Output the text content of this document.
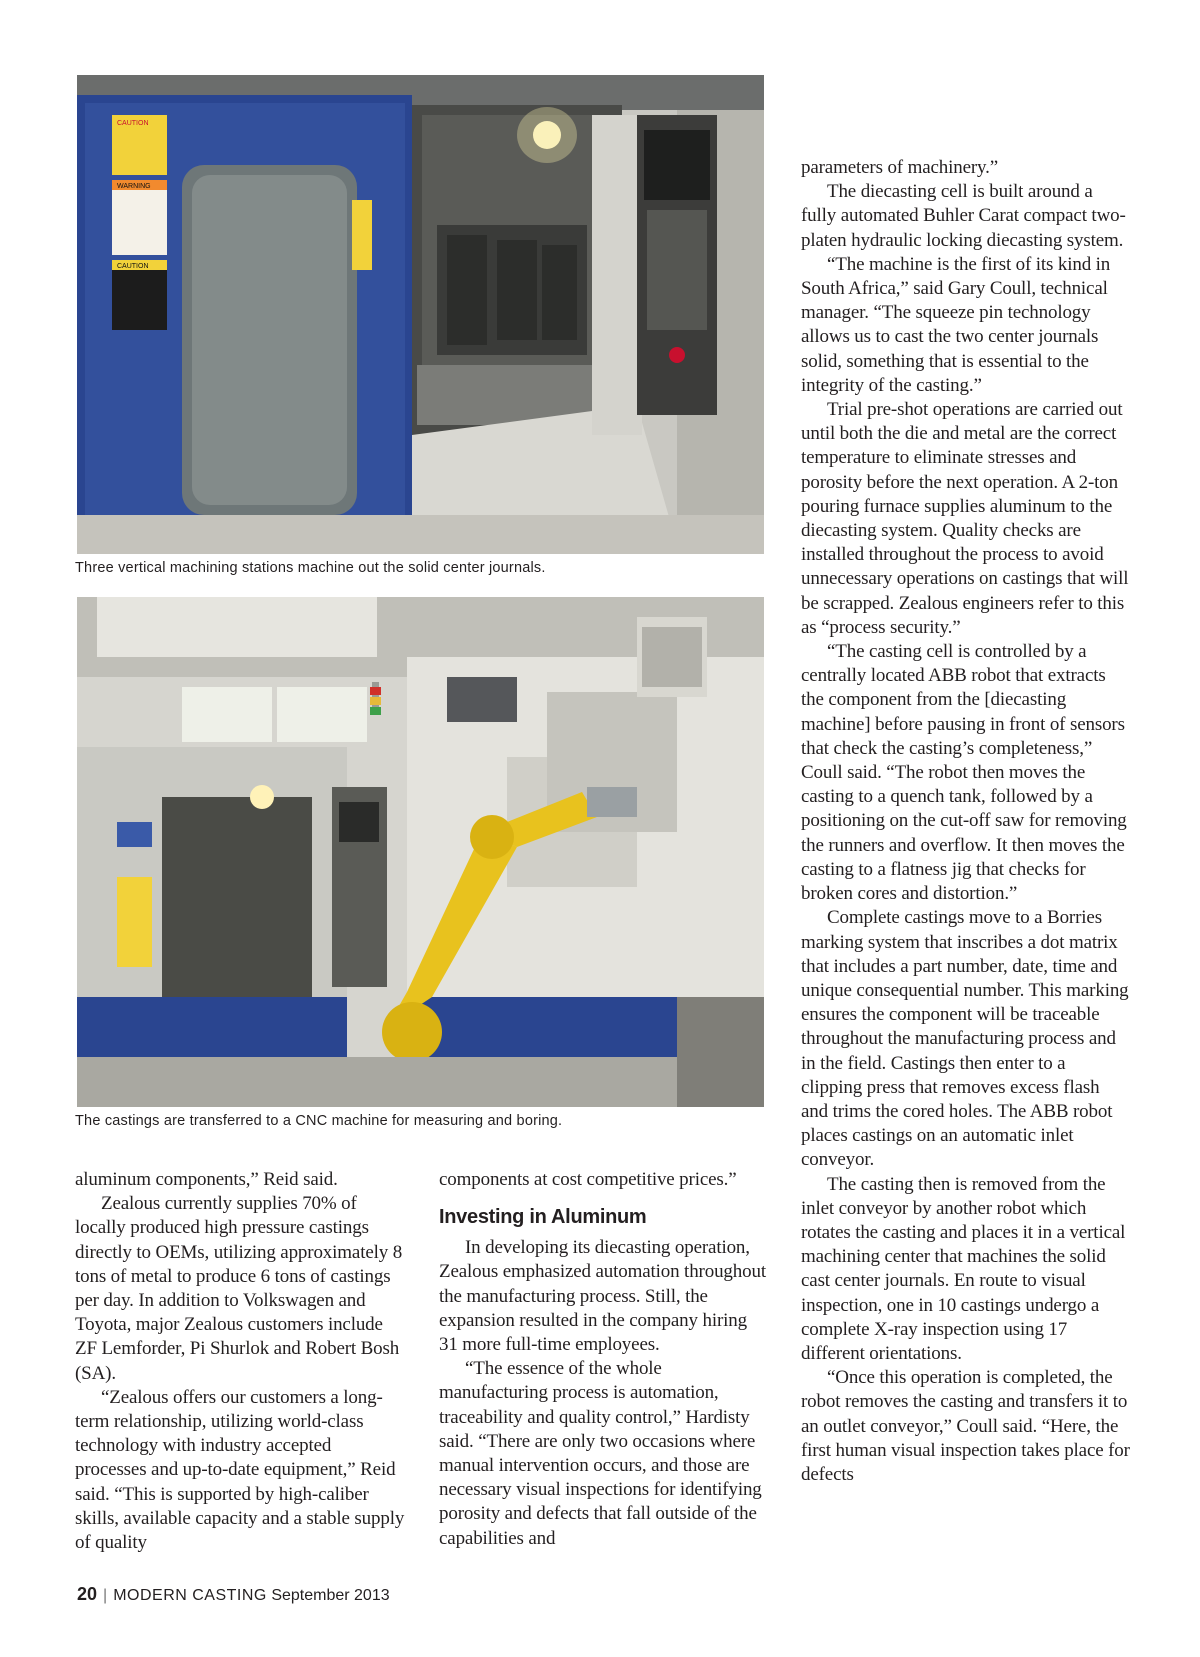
CAUTION
WARNING
CAUTION
Three vertical machining stations machine out the solid center journals.
The castings are transferred to a CNC machine for measuring and boring.

aluminum components,” Reid said.

Zealous currently supplies 70% of locally produced high pressure castings directly to OEMs, utilizing approximately 8 tons of metal to produce 6 tons of castings per day. In addition to Volkswagen and Toyota, major Zealous customers include ZF Lemforder, Pi Shurlok and Robert Bosh (SA).

“Zealous offers our customers a long-term relationship, utilizing world-class technology with industry accepted processes and up-to-date equipment,” Reid said. “This is supported by high-caliber skills, available capacity and a stable supply of quality

components at cost competitive prices.”

Investing in Aluminum

In developing its diecasting operation, Zealous emphasized automation throughout the manufacturing process. Still, the expansion resulted in the company hiring 31 more full-time employees.

“The essence of the whole manufacturing process is automation, traceability and quality control,” Hardisty said. “There are only two occasions where manual intervention occurs, and those are necessary visual inspections for identifying porosity and defects that fall outside of the capabilities and

parameters of machinery.”

The diecasting cell is built around a fully automated Buhler Carat compact two-platen hydraulic locking diecasting system.

“The machine is the first of its kind in South Africa,” said Gary Coull, technical manager. “The squeeze pin technology allows us to cast the two center journals solid, something that is essential to the integrity of the casting.”

Trial pre-shot operations are carried out until both the die and metal are the correct temperature to eliminate stresses and porosity before the next operation. A 2-ton pouring furnace supplies aluminum to the diecasting system. Quality checks are installed throughout the process to avoid unnecessary operations on castings that will be scrapped. Zealous engineers refer to this as “process security.”

“The casting cell is controlled by a centrally located ABB robot that extracts the component from the [diecasting machine] before pausing in front of sensors that check the casting’s completeness,” Coull said. “The robot then moves the casting to a quench tank, followed by a positioning on the cut-off saw for removing the runners and overflow. It then moves the casting to a flatness jig that checks for broken cores and distortion.”

Complete castings move to a Borries marking system that inscribes a dot matrix that includes a part number, date, time and unique consequential number. This marking ensures the component will be traceable throughout the manufacturing process and in the field. Castings then enter to a clipping press that removes excess flash and trims the cored holes. The ABB robot places castings on an automatic inlet conveyor.

The casting then is removed from the inlet conveyor by another robot which rotates the casting and places it in a vertical machining center that machines the solid cast center journals. En route to visual inspection, one in 10 castings undergo a complete X-ray inspection using 17 different orientations.

“Once this operation is completed, the robot removes the casting and transfers it to an outlet conveyor,” Coull said. “Here, the first human visual inspection takes place for defects

20 | MODERN CASTING September 2013
